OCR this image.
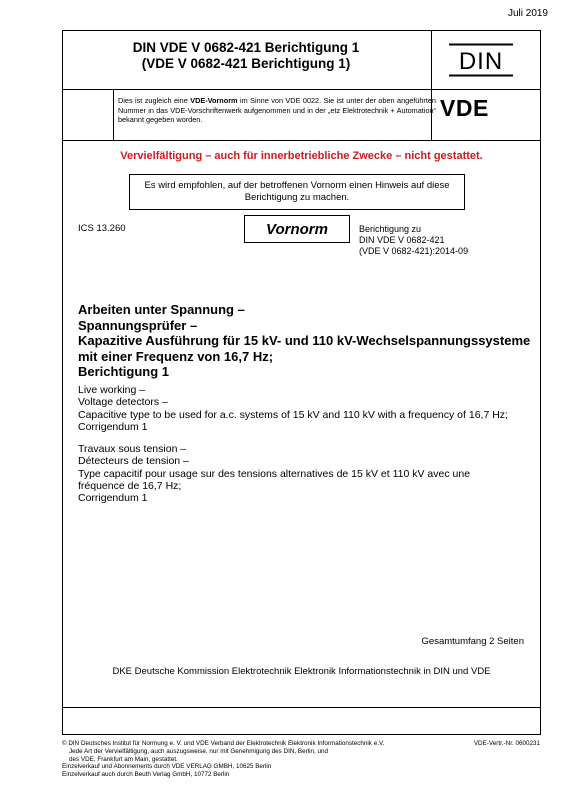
Juli 2019
DIN VDE V 0682-421 Berichtigung 1
(VDE V 0682-421 Berichtigung 1)	DIN
VDE
Dies ist zugleich eine VDE-Vornorm im Sinne von VDE 0022. Sie ist unter der oben angeführten Nummer in das VDE-Vorschriftenwerk aufgenommen und in der „etz Elektrotechnik + Automation“ bekannt gegeben worden.
Vervielfältigung – auch für innerbetriebliche Zwecke – nicht gestattet.
Es wird empfohlen, auf der betroffenen Vornorm einen Hinweis auf diese Berichtigung zu machen.
ICS 13.260	Vornorm	Berichtigung zu
DIN VDE V 0682-421
(VDE V 0682-421):2014-09
Arbeiten unter Spannung –
Spannungsprüfer –
Kapazitive Ausführung für 15 kV- und 110 kV-Wechselspannungssysteme
mit einer Frequenz von 16,7 Hz;
Berichtigung 1
Live working –
Voltage detectors –
Capacitive type to be used for a.c. systems of 15 kV and 110 kV with a frequency of 16,7 Hz;
Corrigendum 1
Travaux sous tension –
Détecteurs de tension –
Type capacitif pour usage sur des tensions alternatives de 15 kV et 110 kV avec une
fréquence de 16,7 Hz;
Corrigendum 1
Gesamtumfang 2 Seiten
DKE Deutsche Kommission Elektrotechnik Elektronik Informationstechnik in DIN und VDE
© DIN Deutsches Institut für Normung e. V. und VDE Verband der Elektrotechnik Elektronik Informationstechnik e.V.
Jede Art der Vervielfältigung, auch auszugsweise, nur mit Genehmigung des DIN, Berlin, und
des VDE, Frankfurt am Main, gestattet.
Einzelverkauf und Abonnements durch VDE VERLAG GMBH, 10625 Berlin
Einzelverkauf auch durch Beuth Verlag GmbH, 10772 Berlin
VDE-Vertr.-Nr. 0600231
